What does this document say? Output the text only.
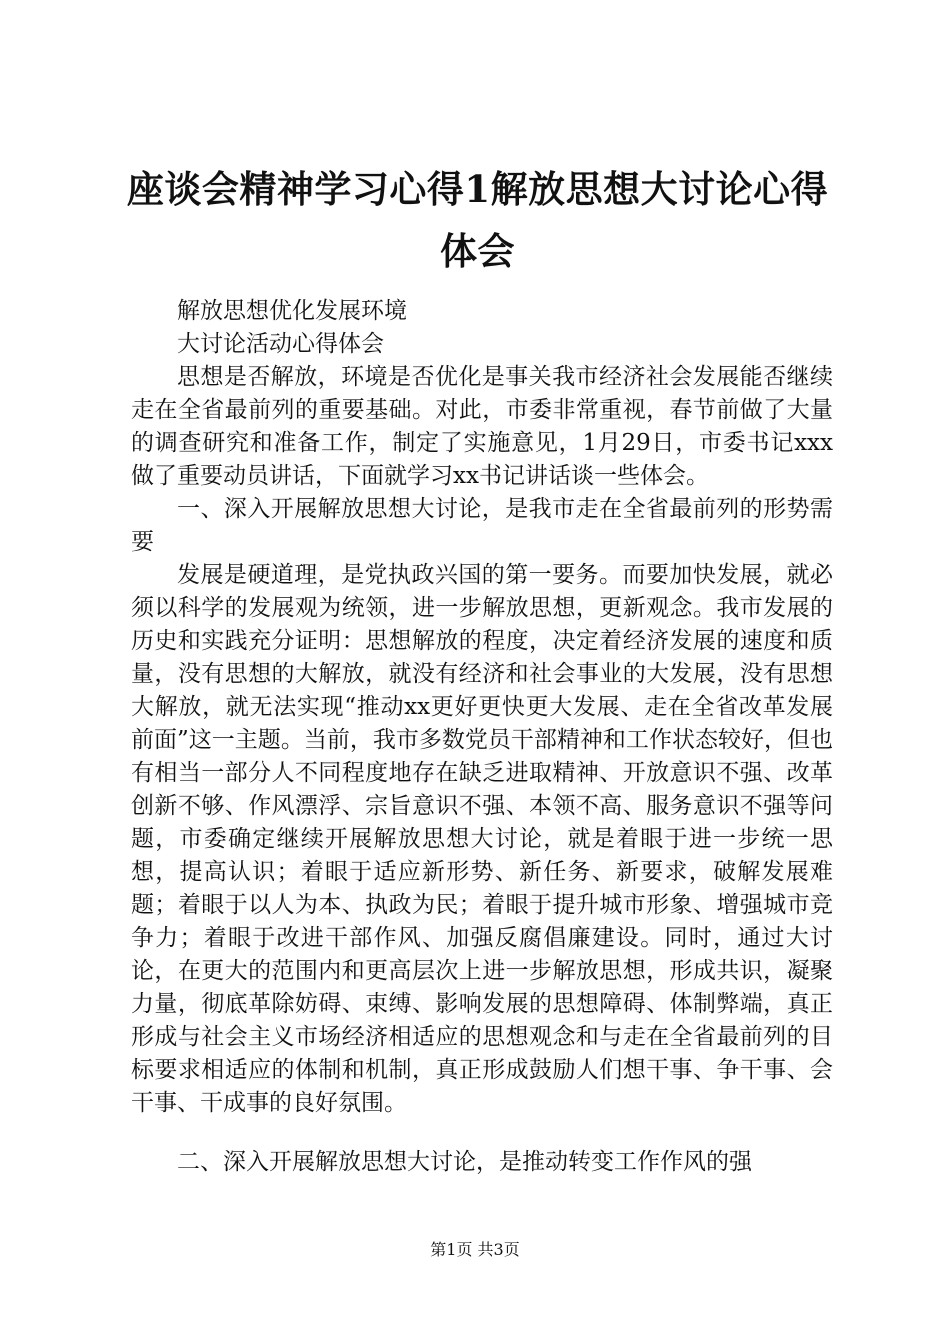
座谈会精神学习心得1解放思想大讨论心得体会

解放思想优化发展环境

大讨论活动心得体会

思想是否解放，环境是否优化是事关我市经济社会发展能否继续走在全省最前列的重要基础。对此，市委非常重视，春节前做了大量的调查研究和准备工作，制定了实施意见，1月29日，市委书记xxx做了重要动员讲话，下面就学习xx书记讲话谈一些体会。

一、深入开展解放思想大讨论，是我市走在全省最前列的形势需要

发展是硬道理，是党执政兴国的第一要务。而要加快发展，就必须以科学的发展观为统领，进一步解放思想，更新观念。我市发展的历史和实践充分证明：思想解放的程度，决定着经济发展的速度和质量，没有思想的大解放，就没有经济和社会事业的大发展，没有思想大解放，就无法实现“推动xx更好更快更大发展、走在全省改革发展前面”这一主题。当前，我市多数党员干部精神和工作状态较好，但也有相当一部分人不同程度地存在缺乏进取精神、开放意识不强、改革创新不够、作风漂浮、宗旨意识不强、本领不高、服务意识不强等问题，市委确定继续开展解放思想大讨论，就是着眼于进一步统一思想，提高认识；着眼于适应新形势、新任务、新要求，破解发展难题；着眼于以人为本、执政为民；着眼于提升城市形象、增强城市竞争力；着眼于改进干部作风、加强反腐倡廉建设。同时，通过大讨论，在更大的范围内和更高层次上进一步解放思想，形成共识，凝聚力量，彻底革除妨碍、束缚、影响发展的思想障碍、体制弊端，真正形成与社会主义市场经济相适应的思想观念和与走在全省最前列的目标要求相适应的体制和机制，真正形成鼓励人们想干事、争干事、会干事、干成事的良好氛围。

二、深入开展解放思想大讨论，是推动转变工作作风的强

第1页 共3页
